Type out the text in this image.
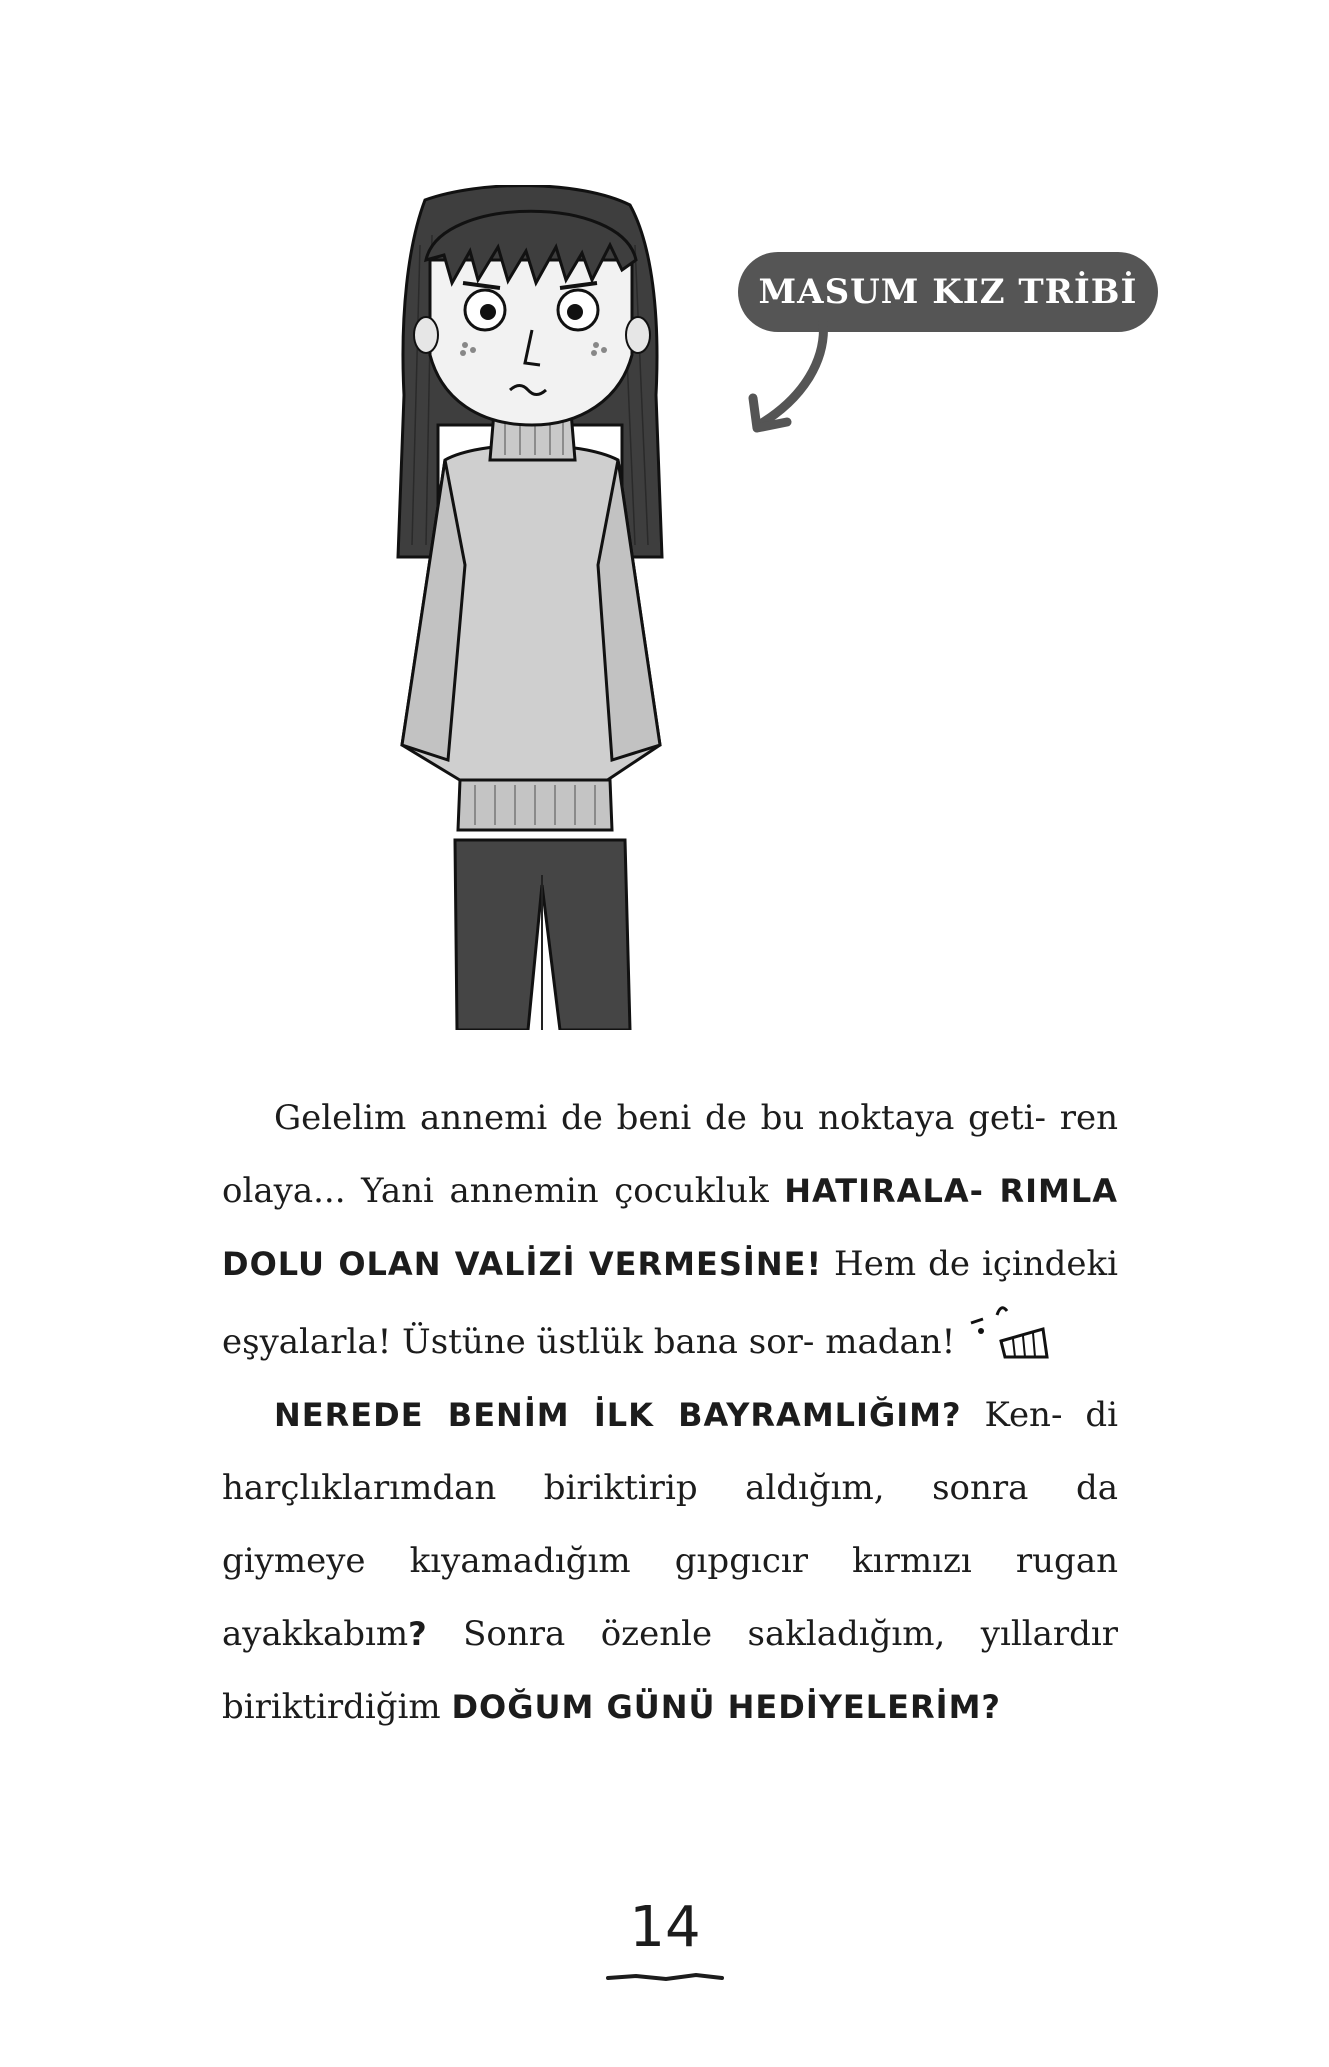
MASUM KIZ TRİBİ

Gelelim annemi de beni de bu noktaya geti- ren olaya... Yani annemin çocukluk HATIRALA- RIMLA DOLU OLAN VALİZİ VERMESİNE! Hem de içindeki eşyalarla! Üstüne üstlük bana sor- madan!

NEREDE BENİM İLK BAYRAMLIĞIM? Ken- di harçlıklarımdan biriktirip aldığım, sonra da giymeye kıyamadığım gıpgıcır kırmızı rugan ayakkabım? Sonra özenle sakladığım, yıllardır biriktirdiğim DOĞUM GÜNÜ HEDİYELERİM?

14
